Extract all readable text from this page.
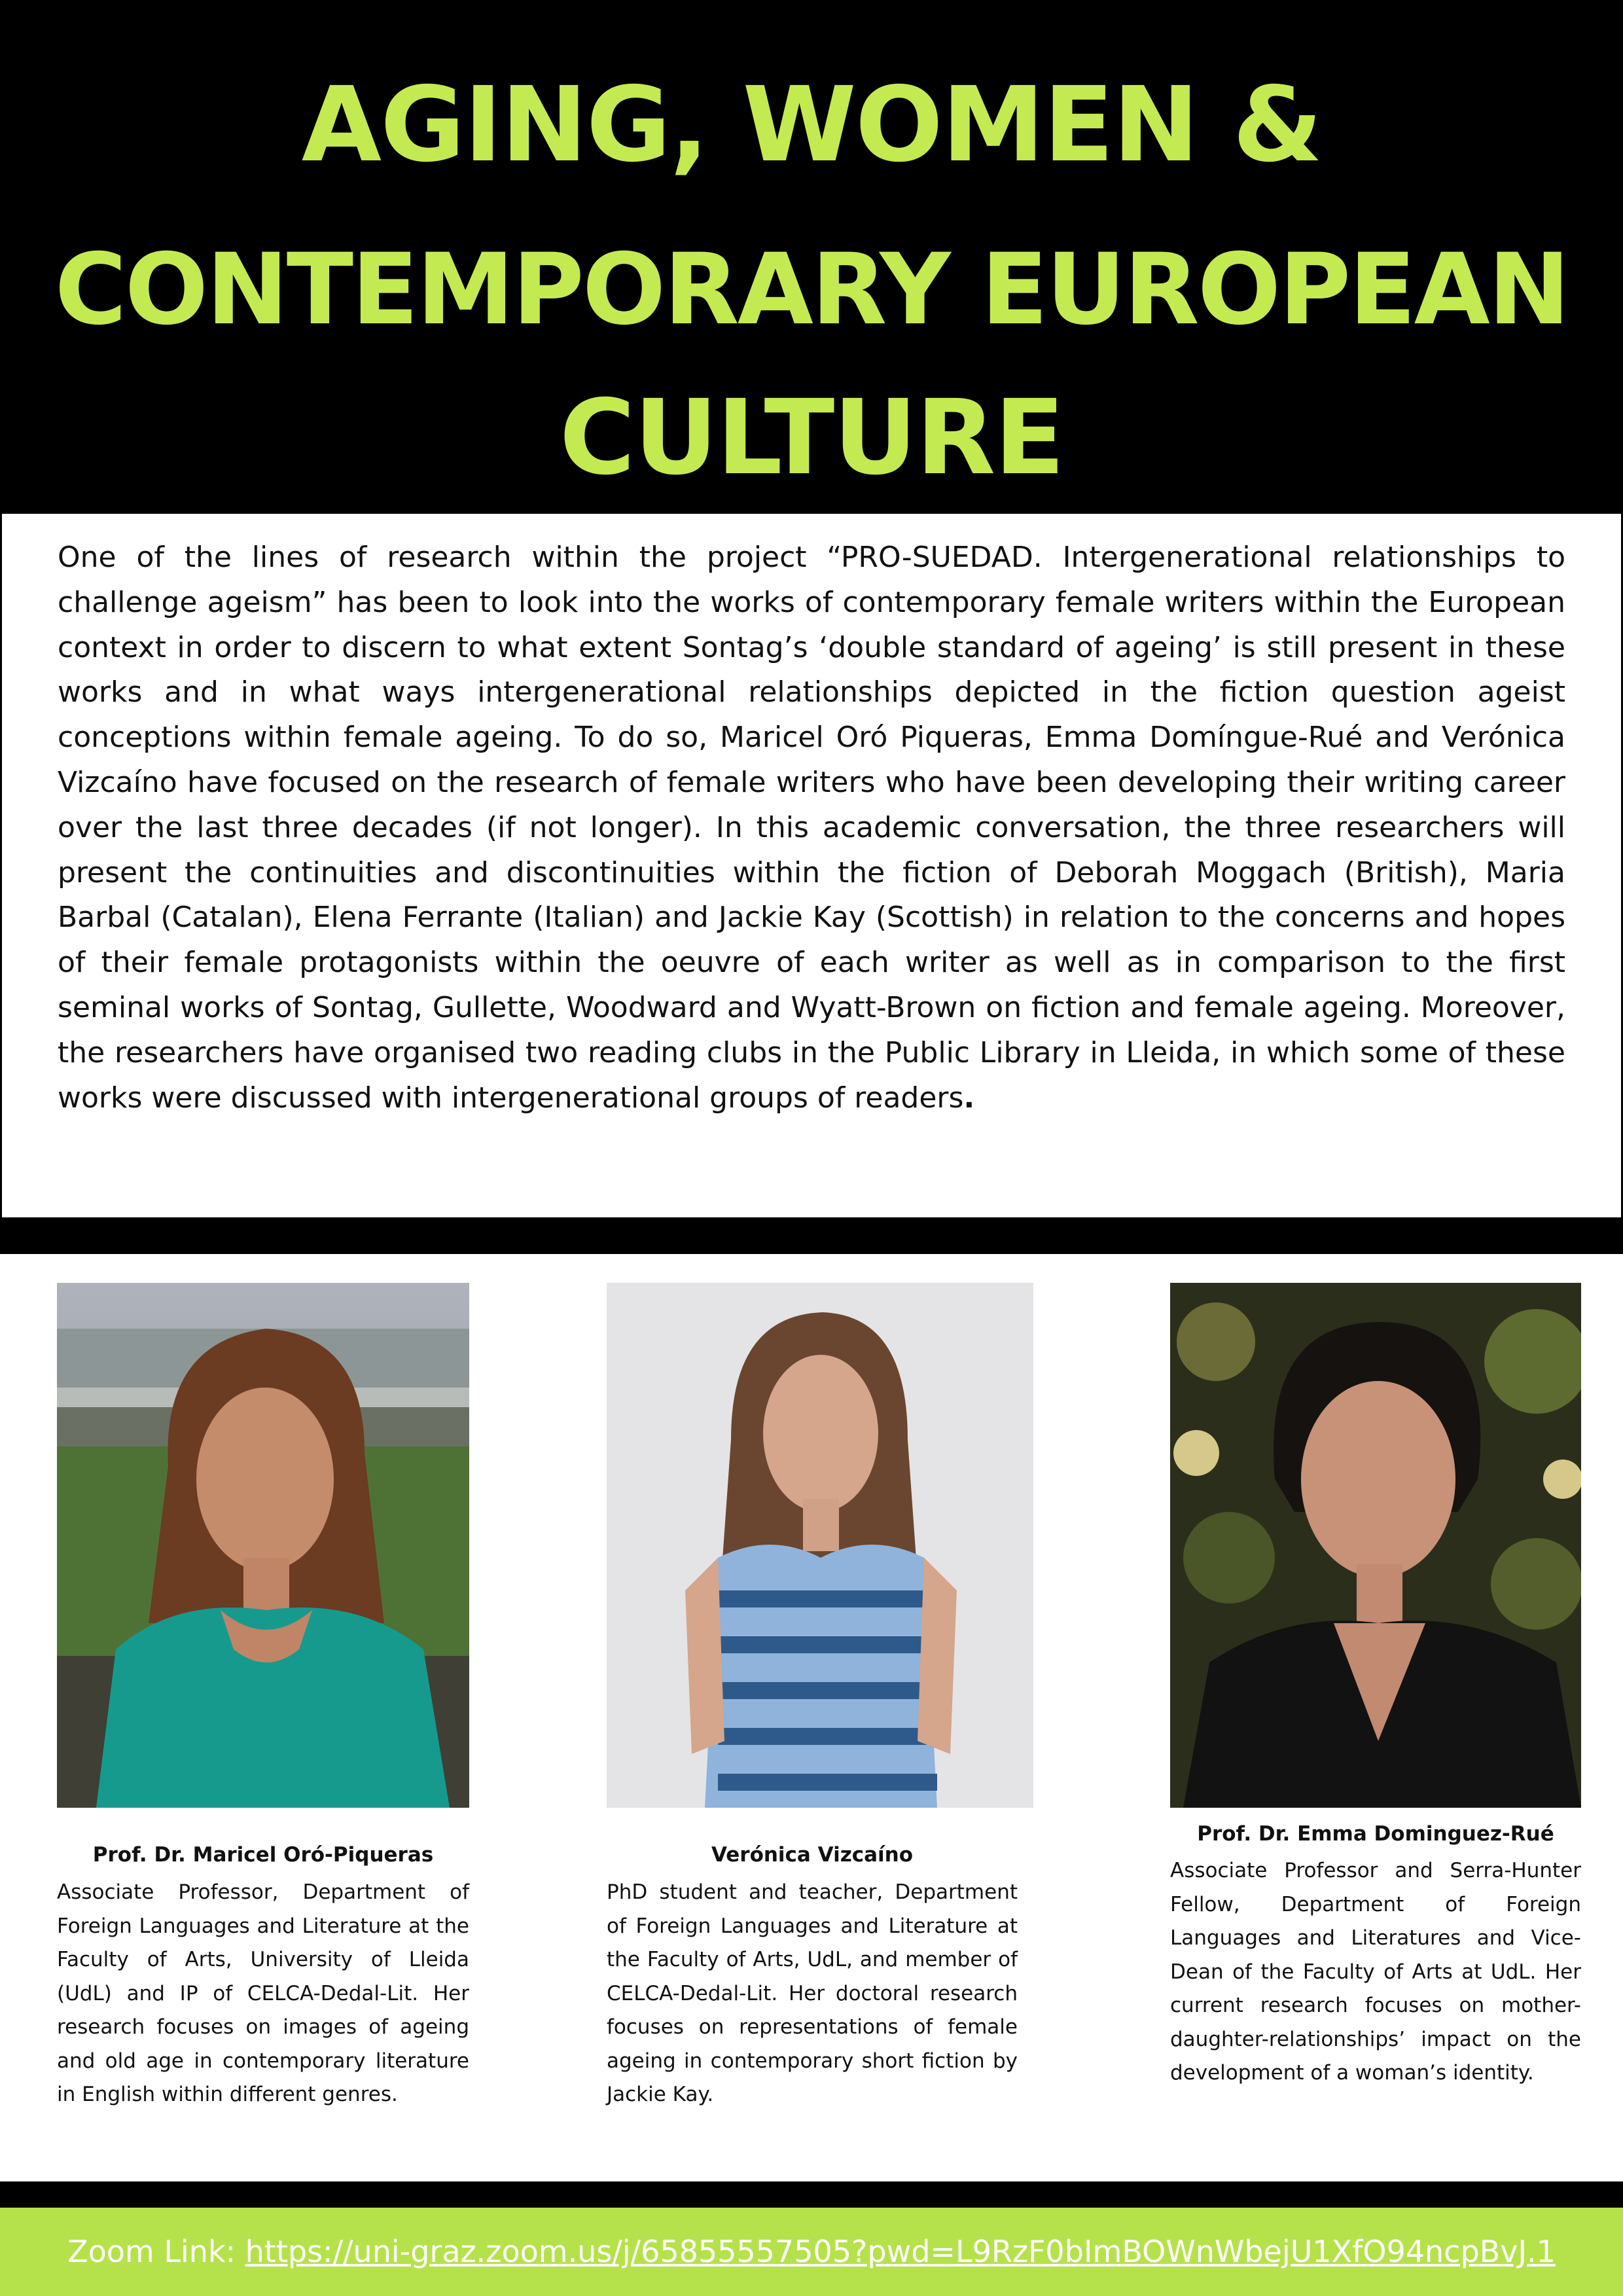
AGING, WOMEN &
CONTEMPORARY EUROPEAN
CULTURE
One of the lines of research within the project “PRO-SUEDAD. Intergenerational relationships to challenge ageism” has been to look into the works of contemporary female writers within the European context in order to discern to what extent Sontag’s ‘double standard of ageing’ is still present in these works and in what ways intergenerational relationships depicted in the fiction question ageist conceptions within female ageing. To do so, Maricel Oró Piqueras, Emma Domíngue-Rué and Verónica Vizcaíno have focused on the research of female writers who have been developing their writing career over the last three decades (if not longer). In this academic conversation, the three researchers will present the continuities and discontinuities within the fiction of Deborah Moggach (British), Maria Barbal (Catalan), Elena Ferrante (Italian) and Jackie Kay (Scottish) in relation to the concerns and hopes of their female protagonists within the oeuvre of each writer as well as in comparison to the first seminal works of Sontag, Gullette, Woodward and Wyatt-Brown on fiction and female ageing. Moreover, the researchers have organised two reading clubs in the Public Library in Lleida, in which some of these works were discussed with intergenerational groups of readers.
Prof. Dr. Maricel Oró-Piqueras
Associate Professor, Department of Foreign Languages and Literature at the Faculty of Arts, University of Lleida (UdL) and IP of CELCA-Dedal-Lit. Her research focuses on images of ageing and old age in contemporary literature in English within different genres.
Verónica Vizcaíno
PhD student and teacher, Department of Foreign Languages and Literature at the Faculty of Arts, UdL, and member of CELCA-Dedal-Lit. Her doctoral research focuses on representations of female ageing in contemporary short fiction by Jackie Kay.
Prof. Dr. Emma Dominguez-Rué
Associate Professor and Serra-Hunter Fellow, Department of Foreign Languages and Literatures and Vice-Dean of the Faculty of Arts at UdL. Her current research focuses on mother-daughter-relationships’ impact on the development of a woman’s identity.
Zoom Link: https://uni-graz.zoom.us/j/65855557505?pwd=L9RzF0bImBOWnWbejU1XfO94ncpBvJ.1
